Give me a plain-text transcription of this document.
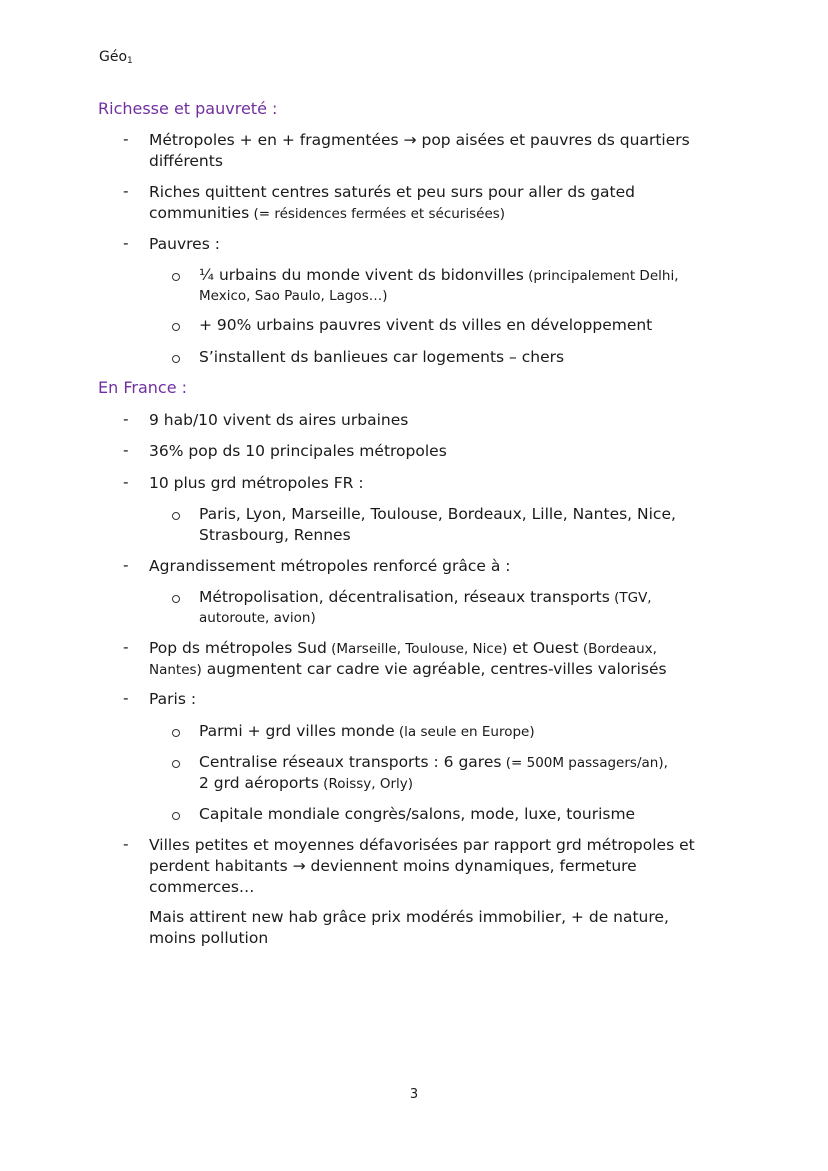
Géo$_1$
Richesse et pauvreté :
- Métropoles + en + fragmentées → pop aisées et pauvres ds quartiers
différents
- Riches quittent centres saturés et peu surs pour aller ds gated
communities (= résidences fermées et sécurisées)
- Pauvres :
¼ urbains du monde vivent ds bidonvilles (principalement Delhi,
Mexico, Sao Paulo, Lagos…)
+ 90% urbains pauvres vivent ds villes en développement
S’installent ds banlieues car logements – chers
En France :
- 9 hab/10 vivent ds aires urbaines
- 36% pop ds 10 principales métropoles
- 10 plus grd métropoles FR :
Paris, Lyon, Marseille, Toulouse, Bordeaux, Lille, Nantes, Nice,
Strasbourg, Rennes
- Agrandissement métropoles renforcé grâce à :
Métropolisation, décentralisation, réseaux transports (TGV,
autoroute, avion)
- Pop ds métropoles Sud (Marseille, Toulouse, Nice) et Ouest (Bordeaux,
Nantes) augmentent car cadre vie agréable, centres-villes valorisés
- Paris :
Parmi + grd villes monde (la seule en Europe)
Centralise réseaux transports : 6 gares (= 500M passagers/an),
2 grd aéroports (Roissy, Orly)
Capitale mondiale congrès/salons, mode, luxe, tourisme
- Villes petites et moyennes défavorisées par rapport grd métropoles et
perdent habitants → deviennent moins dynamiques, fermeture
commerces…
Mais attirent new hab grâce prix modérés immobilier, + de nature,
moins pollution
3
